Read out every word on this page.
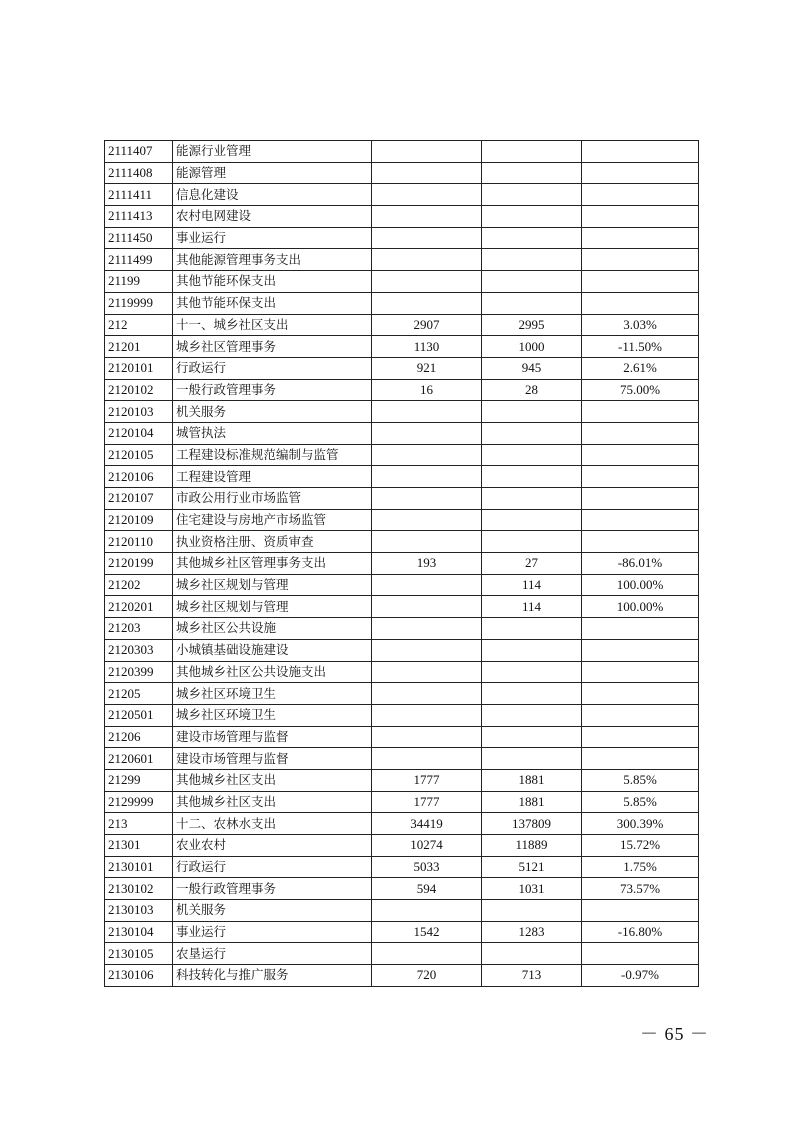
2111407	能源行业管理			
2111408	能源管理			
2111411	信息化建设			
2111413	农村电网建设			
2111450	事业运行			
2111499	其他能源管理事务支出			
21199	其他节能环保支出			
2119999	其他节能环保支出			
212	十一、城乡社区支出	2907	2995	3.03%
21201	城乡社区管理事务	1130	1000	-11.50%
2120101	行政运行	921	945	2.61%
2120102	一般行政管理事务	16	28	75.00%
2120103	机关服务			
2120104	城管执法			
2120105	工程建设标准规范编制与监管			
2120106	工程建设管理			
2120107	市政公用行业市场监管			
2120109	住宅建设与房地产市场监管			
2120110	执业资格注册、资质审查			
2120199	其他城乡社区管理事务支出	193	27	-86.01%
21202	城乡社区规划与管理		114	100.00%
2120201	城乡社区规划与管理		114	100.00%
21203	城乡社区公共设施			
2120303	小城镇基础设施建设			
2120399	其他城乡社区公共设施支出			
21205	城乡社区环境卫生			
2120501	城乡社区环境卫生			
21206	建设市场管理与监督			
2120601	建设市场管理与监督			
21299	其他城乡社区支出	1777	1881	5.85%
2129999	其他城乡社区支出	1777	1881	5.85%
213	十二、农林水支出	34419	137809	300.39%
21301	农业农村	10274	11889	15.72%
2130101	行政运行	5033	5121	1.75%
2130102	一般行政管理事务	594	1031	73.57%
2130103	机关服务			
2130104	事业运行	1542	1283	-16.80%
2130105	农垦运行			
2130106	科技转化与推广服务	720	713	-0.97%
－ 65 －
